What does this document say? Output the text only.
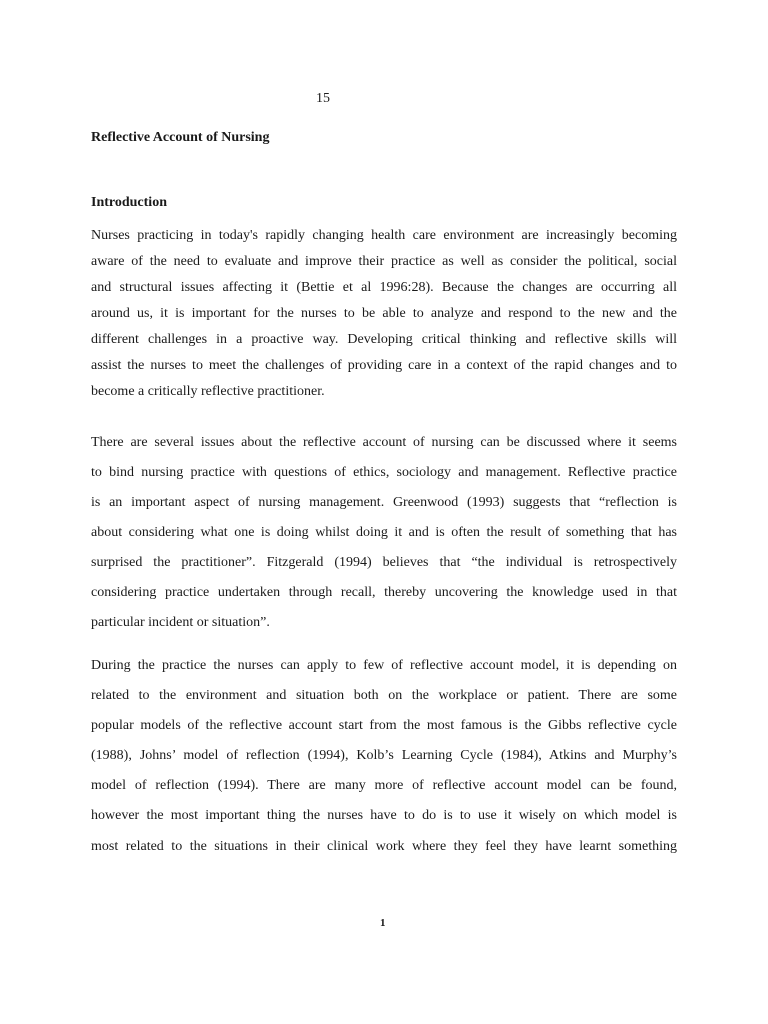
15
Reflective Account of Nursing
Introduction
Nurses practicing in today's rapidly changing health care environment are increasingly becoming
aware of the need to evaluate and improve their practice as well as consider the political, social
and structural issues affecting it (Bettie et al 1996:28). Because the changes are occurring all
around us, it is important for the nurses to be able to analyze and respond to the new and the
different challenges in a proactive way. Developing critical thinking and reflective skills will
assist the nurses to meet the challenges of providing care in a context of the rapid changes and to
become a critically reflective practitioner.
There are several issues about the reflective account of nursing can be discussed where it seems
to bind nursing practice with questions of ethics, sociology and management. Reflective practice
is an important aspect of nursing management. Greenwood (1993) suggests that “reflection is
about considering what one is doing whilst doing it and is often the result of something that has
surprised the practitioner”. Fitzgerald (1994) believes that “the individual is retrospectively
considering practice undertaken through recall, thereby uncovering the knowledge used in that
particular incident or situation”.
During the practice the nurses can apply to few of reflective account model, it is depending on
related to the environment and situation both on the workplace or patient. There are some
popular models of the reflective account start from the most famous is the Gibbs reflective cycle
(1988), Johns’ model of reflection (1994), Kolb’s Learning Cycle (1984), Atkins and Murphy’s
model of reflection (1994). There are many more of reflective account model can be found,
however the most important thing the nurses have to do is to use it wisely on which model is
most related to the situations in their clinical work where they feel they have learnt something
1
